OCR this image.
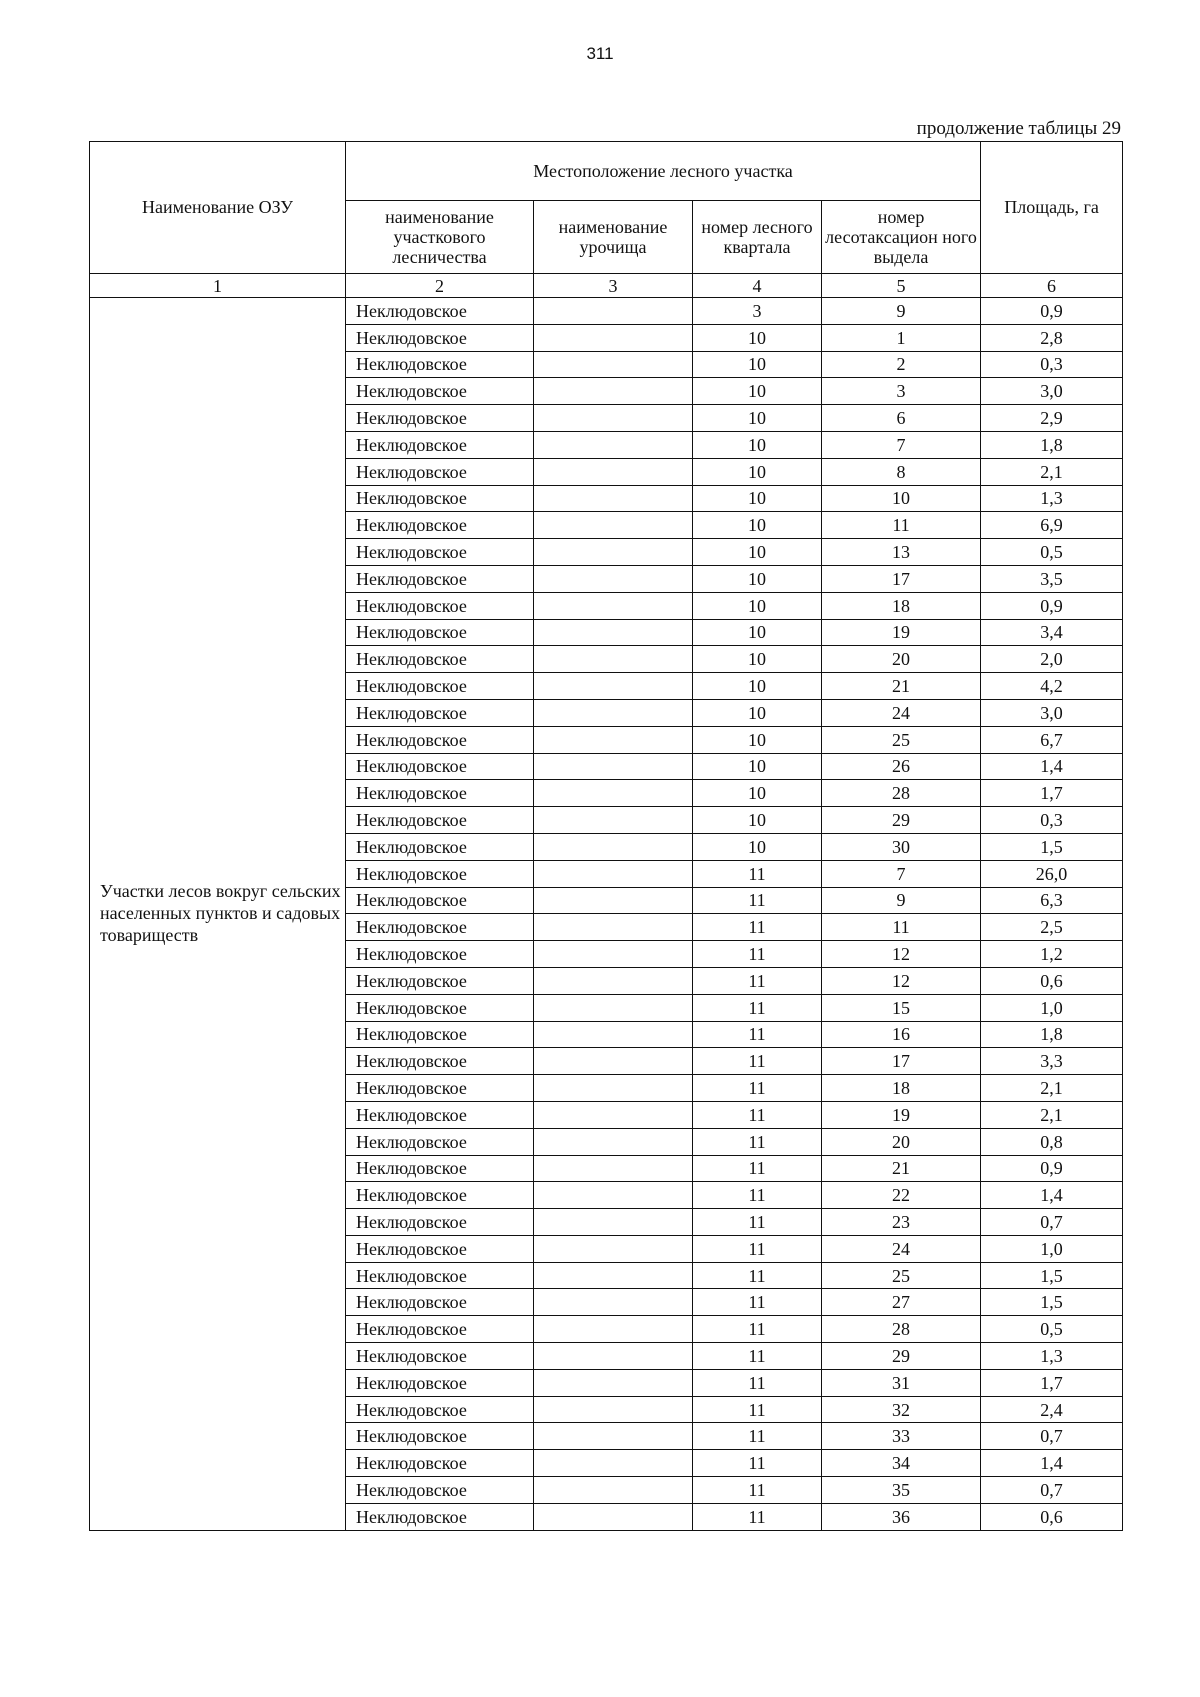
311
продолжение таблицы 29
Наименование ОЗУ	Местоположение лесного участка				Площадь, га
	наименование участкового лесничества	наименование урочища	номер лесного квартала	номер лесотаксацион ного выдела	
1	2	3	4	5	6
Участки лесов вокруг сельских населенных пунктов и садовых товариществ	Неклюдовское		3	9	0,9
	Неклюдовское		10	1	2,8
	Неклюдовское		10	2	0,3
	Неклюдовское		10	3	3,0
	Неклюдовское		10	6	2,9
	Неклюдовское		10	7	1,8
	Неклюдовское		10	8	2,1
	Неклюдовское		10	10	1,3
	Неклюдовское		10	11	6,9
	Неклюдовское		10	13	0,5
	Неклюдовское		10	17	3,5
	Неклюдовское		10	18	0,9
	Неклюдовское		10	19	3,4
	Неклюдовское		10	20	2,0
	Неклюдовское		10	21	4,2
	Неклюдовское		10	24	3,0
	Неклюдовское		10	25	6,7
	Неклюдовское		10	26	1,4
	Неклюдовское		10	28	1,7
	Неклюдовское		10	29	0,3
	Неклюдовское		10	30	1,5
	Неклюдовское		11	7	26,0
	Неклюдовское		11	9	6,3
	Неклюдовское		11	11	2,5
	Неклюдовское		11	12	1,2
	Неклюдовское		11	12	0,6
	Неклюдовское		11	15	1,0
	Неклюдовское		11	16	1,8
	Неклюдовское		11	17	3,3
	Неклюдовское		11	18	2,1
	Неклюдовское		11	19	2,1
	Неклюдовское		11	20	0,8
	Неклюдовское		11	21	0,9
	Неклюдовское		11	22	1,4
	Неклюдовское		11	23	0,7
	Неклюдовское		11	24	1,0
	Неклюдовское		11	25	1,5
	Неклюдовское		11	27	1,5
	Неклюдовское		11	28	0,5
	Неклюдовское		11	29	1,3
	Неклюдовское		11	31	1,7
	Неклюдовское		11	32	2,4
	Неклюдовское		11	33	0,7
	Неклюдовское		11	34	1,4
	Неклюдовское		11	35	0,7
	Неклюдовское		11	36	0,6
